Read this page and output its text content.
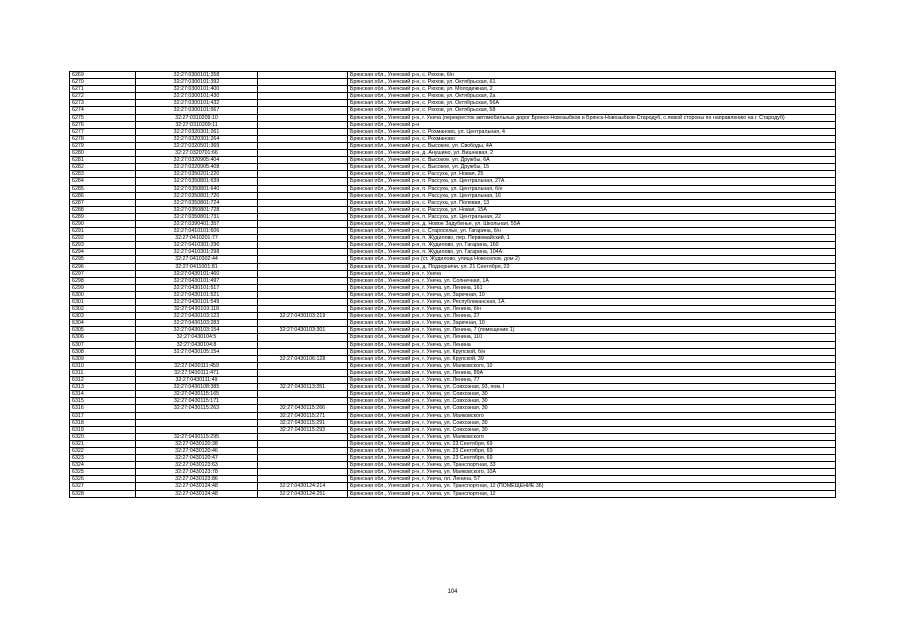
6269	32:27:0300101:358		Брянская обл., Унечский р-н, с. Рюхов, б/н
6270	32:27:0300101:392		Брянская обл., Унечский р-н, с. Рюхов, ул. Октябрьская, 61
6271	32:27:0300101:400		Брянская обл., Унечский р-н, с. Рюхов, ул. Молодежная, 2
6272	32:27:0300101:430		Брянская обл., Унечский р-н, с. Рюхов, ул. Октябрьская, 2а
6273	32:27:0300101:432		Брянская обл., Унечский р-н, с. Рюхов, ул. Октябрьская, 56А
6274	32:27:0300101:567		Брянская обл., Унечский р-н, с. Рюхов, ул. Октябрьская, 58
6275	32:27:0310209:10		Брянская обл., Унечский р-н, г. Унеча (перекресток автомобильных дорог Брянск-Новозыбков и Брянск-Новозыбков-Стародуб, с левой стороны по направлению на г. Стародуб)
6276	32:27:0310209:11		Брянская обл., Унечский р-н
6277	32:27:0320301:261		Брянская обл., Унечский р-н, с. Рохманово, ул. Центральная, 4
6278	32:27:0320301:264		Брянская обл., Унечский р-н, с. Рохманово
6279	32:27:0320501:369		Брянская обл., Унечский р-н, с. Высокое, ул. Свободы, 4А
6280	32:27:0320701:66		Брянская обл., Унечский р-н, д. Анушино, ул. Вишневая, 2
6281	32:27:0320905:404		Брянская обл., Унечский р-н, с. Высокое, ул. Дружбы, 6А
6282	32:27:0320905:408		Брянская обл., Унечский р-н, с. Высокое, ул. Дружбы, 15
6283	32:27:0350201:220		Брянская обл., Унечский р-н, с. Рассуха, ул. Новая, 25
6284	32:27:0350801:639		Брянская обл., Унечский р-н, п. Рассуха, ул. Центральная, 27А
6285	32:27:0350801:640		Брянская обл., Унечский р-н, п. Рассуха, ул. Центральная, б/н
6286	32:27:0350801:720		Брянская обл., Унечский р-н, п. Рассуха, ул. Центральная, 16
6287	32:27:0350801:724		Брянская обл., Унечский р-н, с. Рассуха, ул. Полевая, 13
6288	32:27:0350801:728		Брянская обл., Унечский р-н, с. Рассуха, ул. Новая, 15А
6289	32:27:0350801:731		Брянская обл., Унечский р-н, п. Рассуха, ул. Центральная, 22
6290	32:27:0390401:357		Брянская обл., Унечский р-н, д. Новое Задубенье, ул. Школьная, 55А
6291	32:27:0410101:606		Брянская обл., Унечский р-н, с. Староселье, ул. Гагарина, б/н
6292	32:27:0410201:77		Брянская обл., Унечский р-н, п. Жудилово, пер. Первомайский, 1
6293	32:27:0410301:296		Брянская обл., Унечский р-н, п. Жудилово, ул. Гагарина, 160
6294	32:27:0410301:298		Брянская обл., Унечский р-н, п. Жудилово, ул. Гагарина, 104А
6295	32:27:0410302:44		Брянская обл., Унечский р-н (ст. Жудилово, улица Новоселов, дом 2)
6296	32:27:0411001:81		Брянская обл., Унечский р-н, д. Подзорничи, ул. 21 Сентября, 23
6297	32:27:0430101:460		Брянская обл., Унечский р-н, г. Унеча
6298	32:27:0430101:497		Брянская обл., Унечский р-н, г. Унеча, ул. Солнечная, 1А
6299	32:27:0430101:517		Брянская обл., Унечский р-н, г. Унеча, ул. Ленина, 161
6300	32:27:0430101:521		Брянская обл., Унечский р-н, г. Унеча, ул. Заречная, 10
6301	32:27:0430101:549		Брянская обл., Унечский р-н, г. Унеча, ул. Республиканская, 1А
6302	32:27:0430103:118		Брянская обл., Унечский р-н, г. Унеча, ул. Ленина, б/н
6303	32:27:0430103:123	32:27:0430103:219	Брянская обл., Унечский р-н, г. Унеча, ул. Ленина, 27
6304	32:27:0430103:283		Брянская обл., Унечский р-н, г. Унеча, ул. Заречная, 10
6305	32:27:0430103:154	32:27:0430103:301	Брянская обл., Унечский р-н, г. Унеча, ул. Ленина, 7 (помещение 1)
6306	32:27:0430104:5		Брянская обл., Унечский р-н, г. Унеча, ул. Ленина, 110
6307	32:27:0430104:8		Брянская обл., Унечский р-н, г. Унеча, ул. Ленина
6308	32:27:0430105:154		Брянская обл., Унечский р-н, г. Унеча, ул. Крупской, б/н
6309		32:27:0430106:128	Брянская обл., Унечский р-н, г. Унеча, ул. Крупской, 39
6310	32:27:0430111:459		Брянская обл., Унечский р-н, г. Унеча, ул. Маяковского, 10
6311	32:27:0430111:471		Брянская обл., Унечский р-н, г. Унеча, ул. Ленина, 89А
6312	32:27:0430111:49		Брянская обл., Унечский р-н, г. Унеча, ул. Ленина, 77
6313	32:27:0430108:385	32:27:0430113:351	Брянская обл., Унечский р-н, г. Унеча, ул. Совхозная, 93, пом. I
6314	32:27:0430115:165		Брянская обл., Унечский р-н, г. Унеча, ул. Совхозная, 30
6315	32:27:0430115:171		Брянская обл., Унечский р-н, г. Унеча, ул. Совхозная, 30
6316	32:27:0430115:263	32:27:0430115:266	Брянская обл., Унечский р-н, г. Унеча, ул. Совхозная, 30
6317		32:27:0430115:271	Брянская обл., Унечский р-н, г. Унеча, ул. Маяковского
6318		32:27:0430115:291	Брянская обл., Унечский р-н, г. Унеча, ул. Совхозная, 30
6319		32:27:0430115:293	Брянская обл., Унечский р-н, г. Унеча, ул. Совхозная, 30
6320	32:27:0430115:295		Брянская обл., Унечский р-н, г. Унеча, ул. Маяковского
6321	32:27:0430120:38		Брянская обл., Унечский р-н, г. Унеча, ул. 23 Сентября, 69
6322	32:27:0430120:46		Брянская обл., Унечский р-н, г. Унеча, ул. 23 Сентября, 69
6323	32:27:0430120:47		Брянская обл., Унечский р-н, г. Унеча, ул. 23 Сентября, 69
6324	32:27:0430123:63		Брянская обл., Унечский р-н, г. Унеча, ул. Транспортная, 33
6325	32:27:0430123:78		Брянская обл., Унечский р-н, г. Унеча, ул. Маяковского, 10А
6326	32:27:0430123:86		Брянская обл., Унечский р-н, г. Унеча, пл. Ленина, 57
6327	32:27:0430124:48	32:27:0430124:214	Брянская обл., Унечский р-н, г. Унеча, ул. Транспортная, 12 (ПОМЕЩЕНИЕ 36)
6328	32:27:0430124:48	32:27:0430124:251	Брянская обл., Унечский р-н, г. Унеча, ул. Транспортная, 12
104
